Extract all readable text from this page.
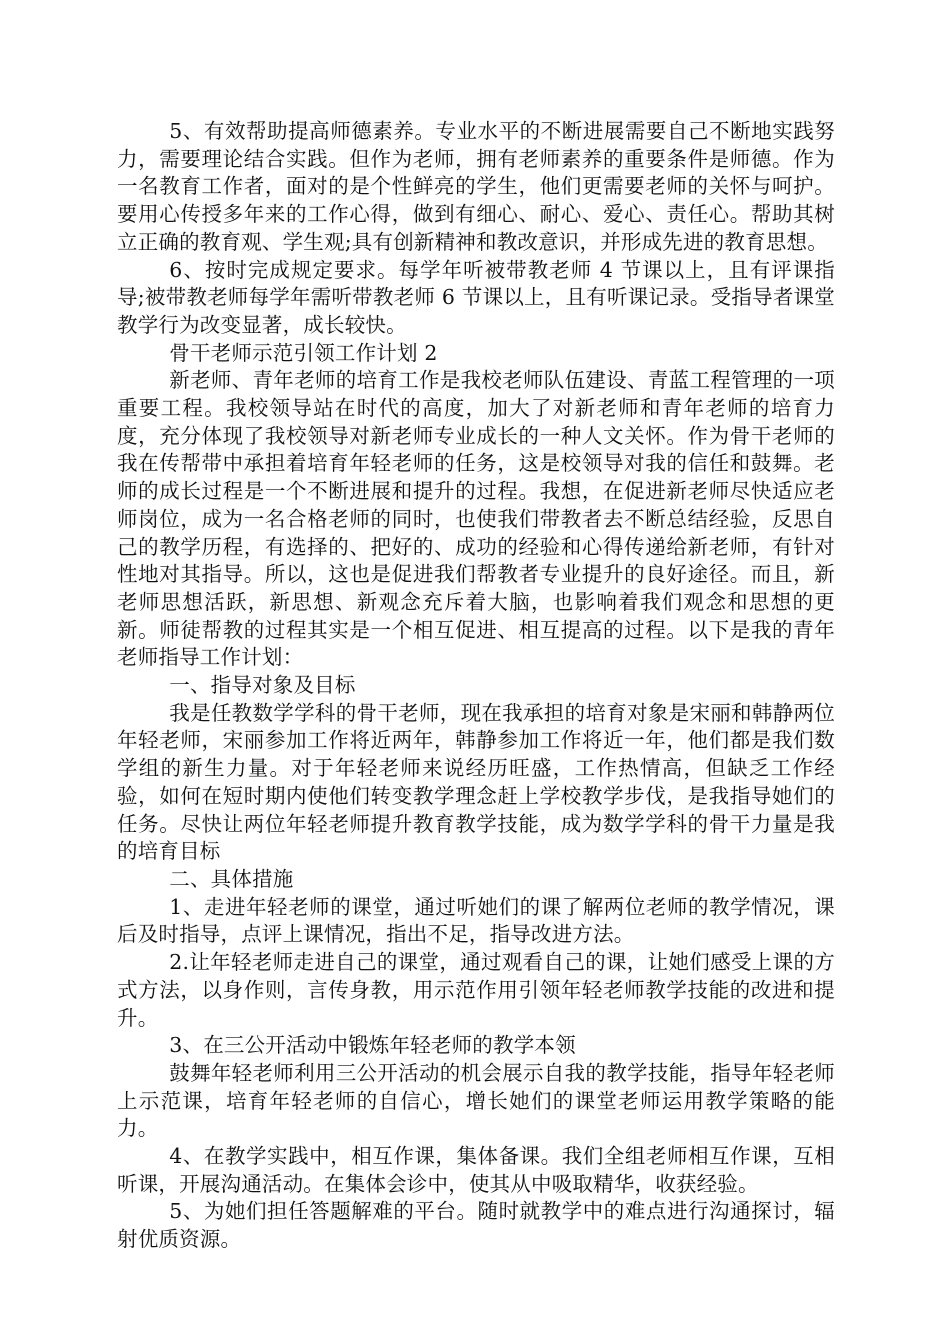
5、有效帮助提高师德素养。专业水平的不断进展需要自己不断地实践努力，需要理论结合实践。但作为老师，拥有老师素养的重要条件是师德。作为一名教育工作者，面对的是个性鲜亮的学生，他们更需要老师的关怀与呵护。要用心传授多年来的工作心得，做到有细心、耐心、爱心、责任心。帮助其树立正确的教育观、学生观;具有创新精神和教改意识，并形成先进的教育思想。

6、按时完成规定要求。每学年听被带教老师 4 节课以上，且有评课指导;被带教老师每学年需听带教老师 6 节课以上，且有听课记录。受指导者课堂教学行为改变显著，成长较快。

骨干老师示范引领工作计划 2

新老师、青年老师的培育工作是我校老师队伍建设、青蓝工程管理的一项重要工程。我校领导站在时代的高度，加大了对新老师和青年老师的培育力度，充分体现了我校领导对新老师专业成长的一种人文关怀。作为骨干老师的我在传帮带中承担着培育年轻老师的任务，这是校领导对我的信任和鼓舞。老师的成长过程是一个不断进展和提升的过程。我想，在促进新老师尽快适应老师岗位，成为一名合格老师的同时，也使我们带教者去不断总结经验，反思自己的教学历程，有选择的、把好的、成功的经验和心得传递给新老师，有针对性地对其指导。所以，这也是促进我们帮教者专业提升的良好途径。而且，新老师思想活跃，新思想、新观念充斥着大脑，也影响着我们观念和思想的更新。师徒帮教的过程其实是一个相互促进、相互提高的过程。以下是我的青年老师指导工作计划：

一、指导对象及目标

我是任教数学学科的骨干老师，现在我承担的培育对象是宋丽和韩静两位年轻老师，宋丽参加工作将近两年，韩静参加工作将近一年，他们都是我们数学组的新生力量。对于年轻老师来说经历旺盛，工作热情高，但缺乏工作经验，如何在短时期内使他们转变教学理念赶上学校教学步伐，是我指导她们的任务。尽快让两位年轻老师提升教育教学技能，成为数学学科的骨干力量是我的培育目标

二、具体措施

1、走进年轻老师的课堂，通过听她们的课了解两位老师的教学情况，课后及时指导，点评上课情况，指出不足，指导改进方法。

2.让年轻老师走进自己的课堂，通过观看自己的课，让她们感受上课的方式方法，以身作则，言传身教，用示范作用引领年轻老师教学技能的改进和提升。

3、在三公开活动中锻炼年轻老师的教学本领

鼓舞年轻老师利用三公开活动的机会展示自我的教学技能，指导年轻老师上示范课，培育年轻老师的自信心，增长她们的课堂老师运用教学策略的能力。

4、在教学实践中，相互作课，集体备课。我们全组老师相互作课，互相听课，开展沟通活动。在集体会诊中，使其从中吸取精华，收获经验。

5、为她们担任答题解难的平台。随时就教学中的难点进行沟通探讨，辐射优质资源。
